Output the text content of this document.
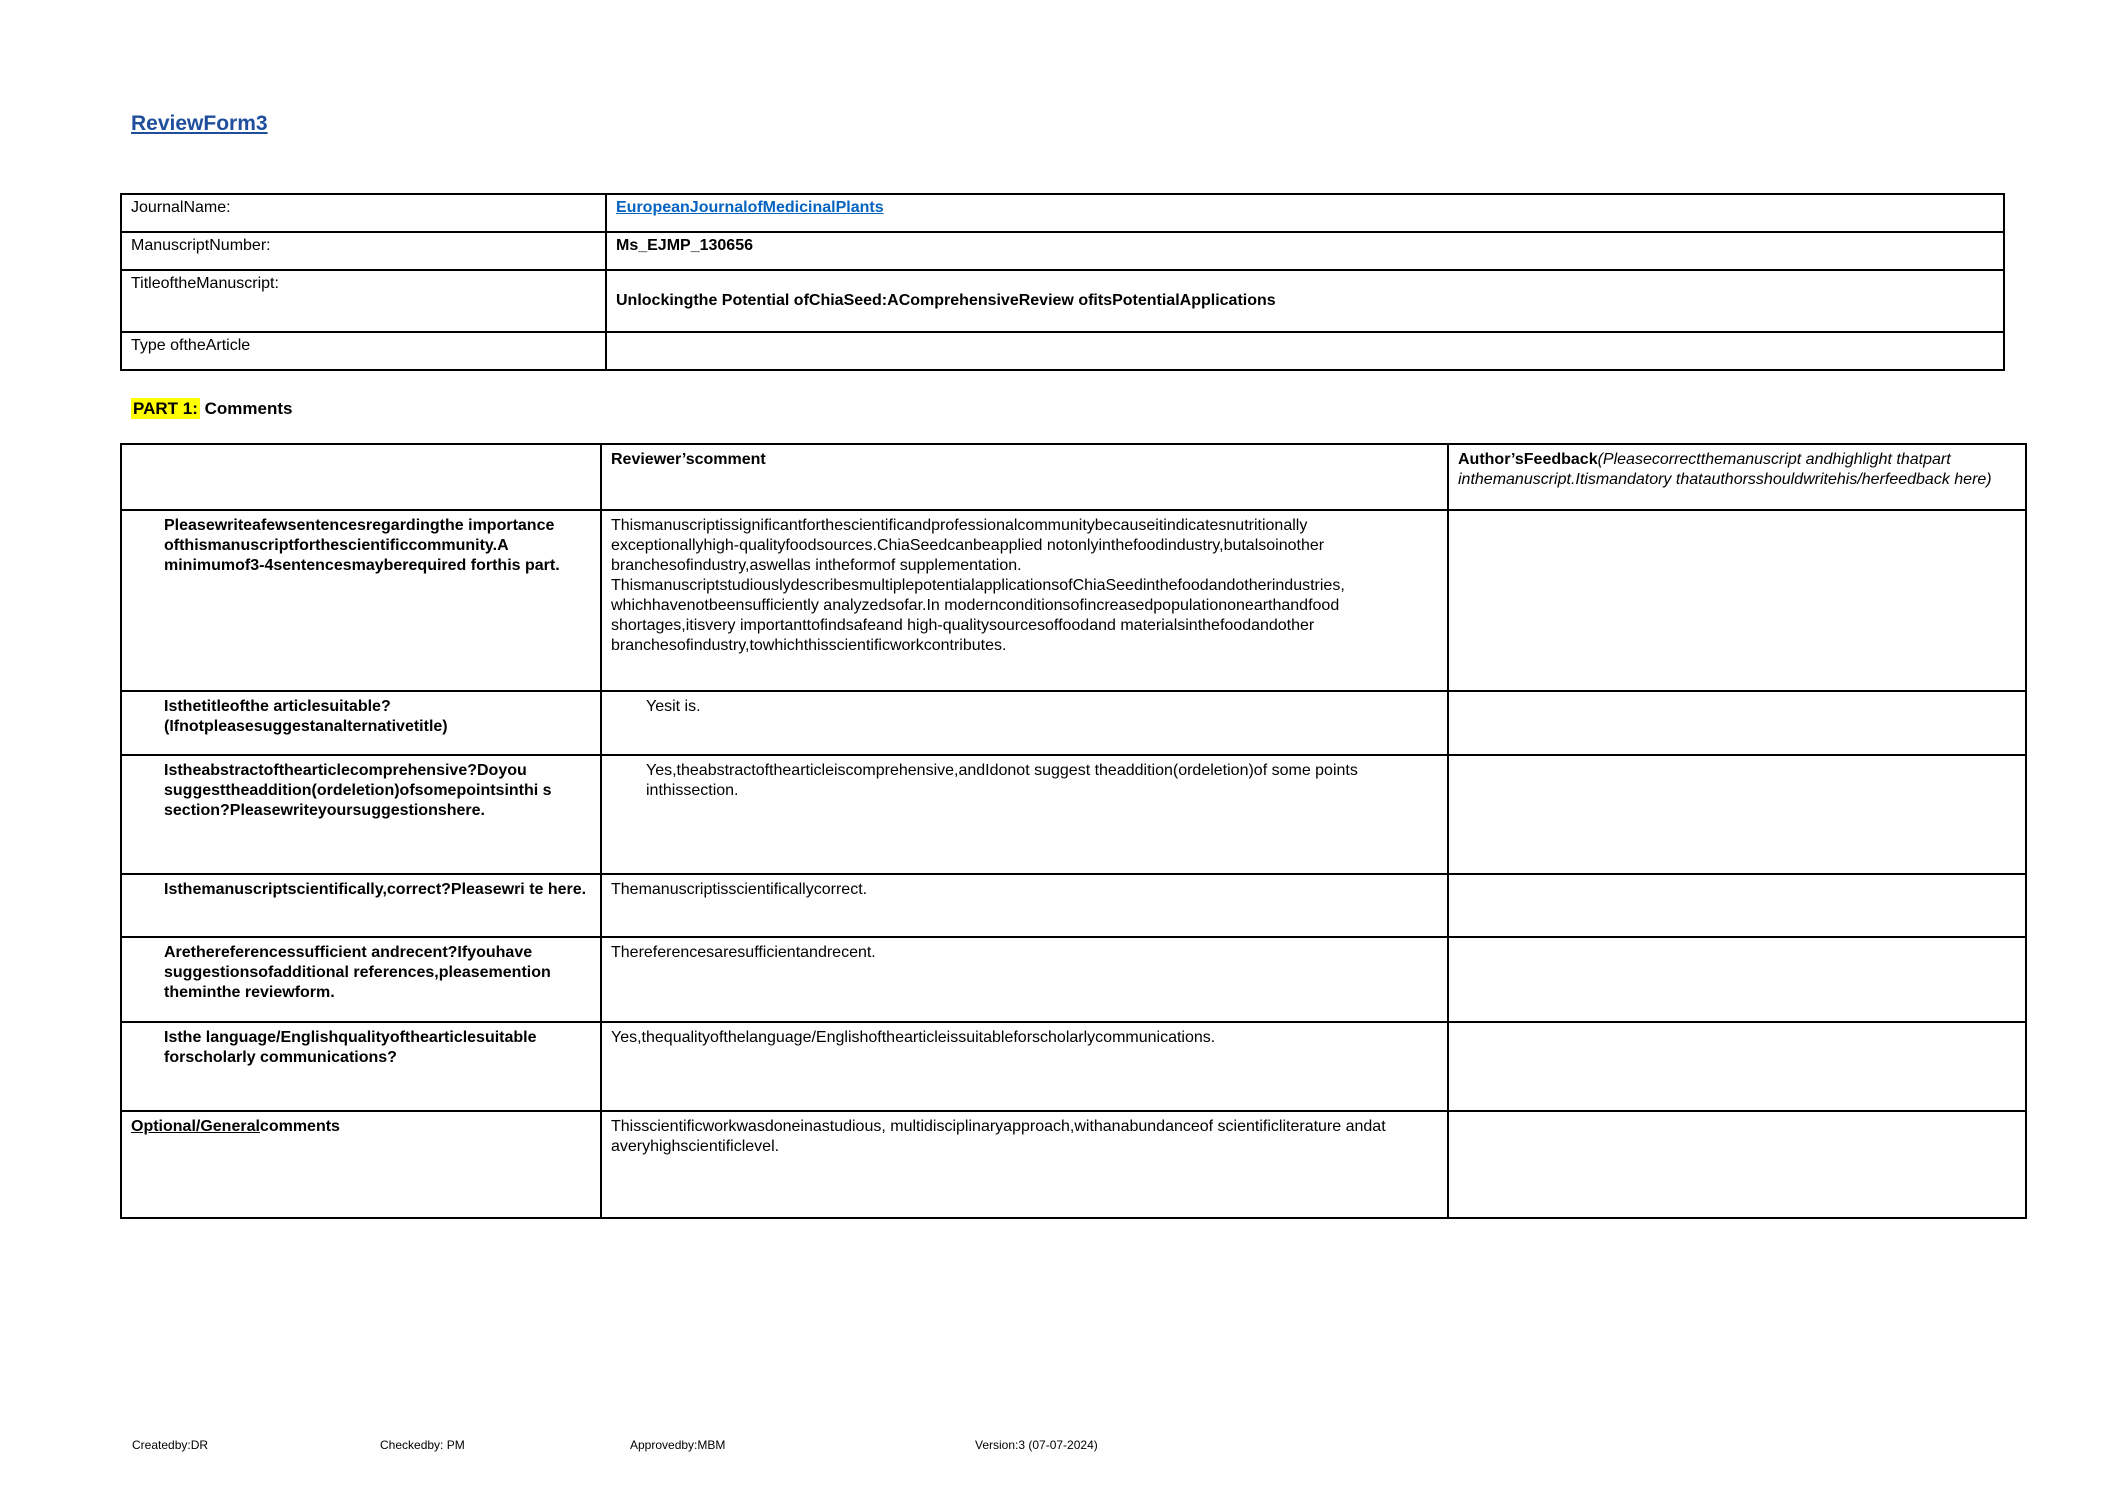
ReviewForm3
JournalName:	EuropeanJournalofMedicinalPlants
ManuscriptNumber:	Ms_EJMP_130656
TitleoftheManuscript:	Unlockingthe Potential ofChiaSeed:AComprehensiveReview ofitsPotentialApplications
Type oftheArticle	
PART 1: Comments
	Reviewer’scomment	Author’sFeedback(Pleasecorrectthemanuscript andhighlight thatpart inthemanuscript.Itismandatory thatauthorsshouldwritehis/herfeedback here)
Pleasewriteafewsentencesregardingthe importance ofthismanuscriptforthescientificcommunity.A minimumof3-4sentencesmayberequired forthis part.	Thismanuscriptissignificantforthescientificandprofessionalcommunitybecauseitindicatesnutritionally exceptionallyhigh-qualityfoodsources.ChiaSeedcanbeapplied notonlyinthefoodindustry,butalsoinother branchesofindustry,aswellas intheformof supplementation. ThismanuscriptstudiouslydescribesmultiplepotentialapplicationsofChiaSeedinthefoodandotherindustries, whichhavenotbeensufficiently analyzedsofar.In modernconditionsofincreasedpopulationonearthandfood shortages,itisvery importanttofindsafeand high-qualitysourcesoffoodand materialsinthefoodandother branchesofindustry,towhichthisscientificworkcontributes.	
Isthetitleofthe articlesuitable? (Ifnotpleasesuggestanalternativetitle)	Yesit is.	
Istheabstractofthearticlecomprehensive?Doyou suggesttheaddition(ordeletion)ofsomepointsinthi s section?Pleasewriteyoursuggestionshere.	Yes,theabstractofthearticleiscomprehensive,andIdonot suggest theaddition(ordeletion)of some points inthissection.	
Isthemanuscriptscientifically,correct?Pleasewri te here.	Themanuscriptisscientificallycorrect.	
Arethereferencessufficient andrecent?Ifyouhave suggestionsofadditional references,pleasemention theminthe reviewform.	Thereferencesaresufficientandrecent.	
Isthe language/Englishqualityofthearticlesuitable forscholarly communications?	Yes,thequalityofthelanguage/Englishofthearticleissuitableforscholarlycommunications.	
Optional/Generalcomments	Thisscientificworkwasdoneinastudious, multidisciplinaryapproach,withanabundanceof scientificliterature andat averyhighscientificlevel.	
Createdby:DR	Checkedby: PM	Approvedby:MBM	Version:3 (07-07-2024)
